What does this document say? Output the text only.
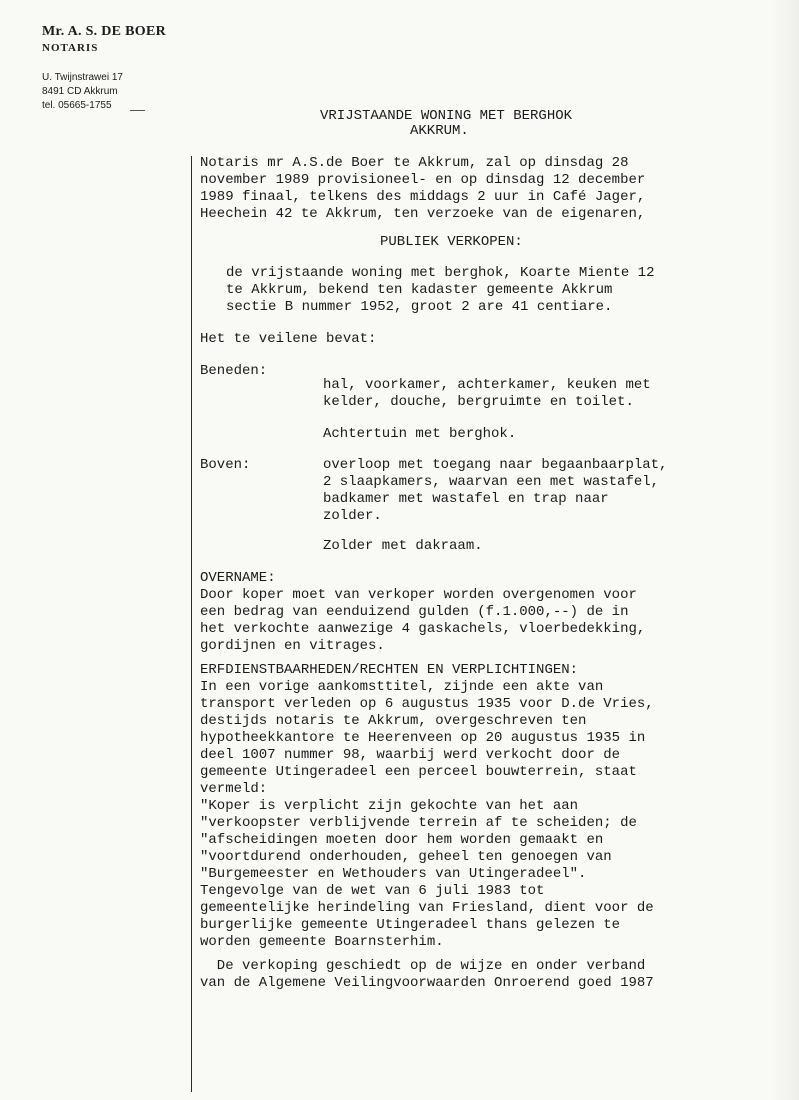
Mr. A. S. DE BOER
NOTARIS
U. Twijnstrawei 17
8491 CD Akkrum
tel. 05665-1755
VRIJSTAANDE WONING MET BERGHOK
AKKRUM.
Notaris mr A.S.de Boer te Akkrum, zal op dinsdag 28
november 1989 provisioneel- en op dinsdag 12 december
1989 finaal, telkens des middags 2 uur in Café Jager,
Heechein 42 te Akkrum, ten verzoeke van de eigenaren,
PUBLIEK VERKOPEN:
de vrijstaande woning met berghok, Koarte Miente 12
te Akkrum, bekend ten kadaster gemeente Akkrum
sectie B nummer 1952, groot 2 are 41 centiare.
Het te veilene bevat:
Beneden:
hal, voorkamer, achterkamer, keuken met
kelder, douche, bergruimte en toilet.
Achtertuin met berghok.
Boven:	overloop met toegang naar begaanbaarplat,
2 slaapkamers, waarvan een met wastafel,
badkamer met wastafel en trap naar
zolder.
Zolder met dakraam.
OVERNAME:
Door koper moet van verkoper worden overgenomen voor
een bedrag van eenduizend gulden (f.1.000,--) de in
het verkochte aanwezige 4 gaskachels, vloerbedekking,
gordijnen en vitrages.
ERFDIENSTBAARHEDEN/RECHTEN EN VERPLICHTINGEN:
In een vorige aankomsttitel, zijnde een akte van
transport verleden op 6 augustus 1935 voor D.de Vries,
destijds notaris te Akkrum, overgeschreven ten
hypotheekkantore te Heerenveen op 20 augustus 1935 in
deel 1007 nummer 98, waarbij werd verkocht door de
gemeente Utingeradeel een perceel bouwterrein, staat
vermeld:
"Koper is verplicht zijn gekochte van het aan
"verkoopster verblijvende terrein af te scheiden; de
"afscheidingen moeten door hem worden gemaakt en
"voortdurend onderhouden, geheel ten genoegen van
"Burgemeester en Wethouders van Utingeradeel".
Tengevolge van de wet van 6 juli 1983 tot
gemeentelijke herindeling van Friesland, dient voor de
burgerlijke gemeente Utingeradeel thans gelezen te
worden gemeente Boarnsterhim.
De verkoping geschiedt op de wijze en onder verband
van de Algemene Veilingvoorwaarden Onroerend goed 1987
